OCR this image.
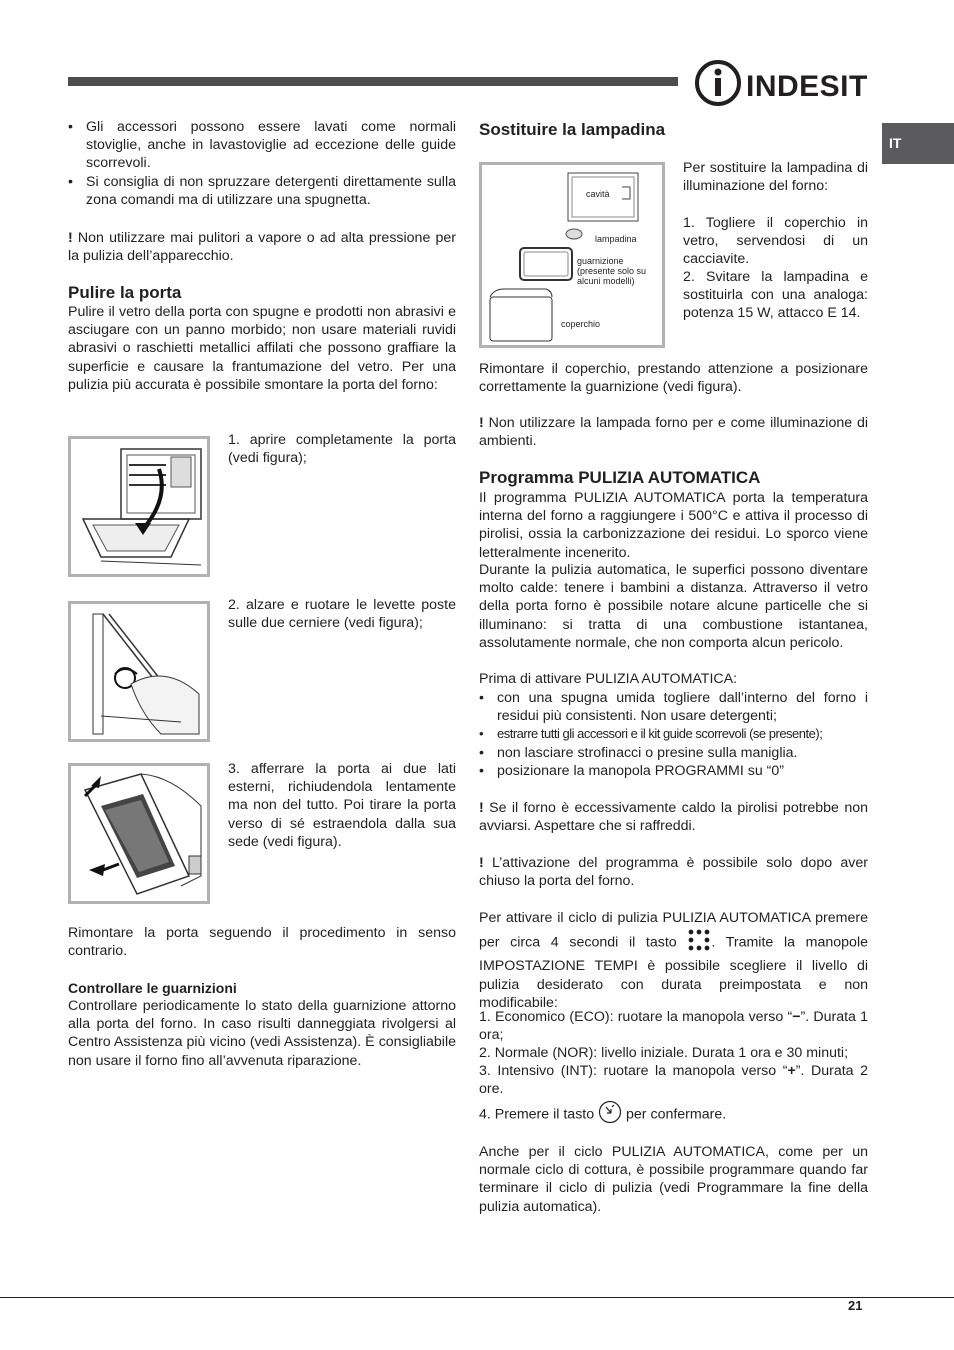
INDESIT
IT
• Gli accessori possono essere lavati come normali stoviglie, anche in lavastoviglie ad eccezione delle guide scorrevoli.
• Si consiglia di non spruzzare detergenti direttamente sulla zona comandi ma di utilizzare una spugnetta.

! Non utilizzare mai pulitori a vapore o ad alta pressione per la pulizia dell’apparecchio.

Pulire la porta

Pulire il vetro della porta con spugne e prodotti non abrasivi e asciugare con un panno morbido; non usare materiali ruvidi abrasivi o raschietti metallici affilati che possono graffiare la superficie e causare la frantumazione del vetro. Per una pulizia più accurata è possibile smontare la porta del forno:

1. aprire completamente la porta (vedi figura);

2. alzare e ruotare le levette poste sulle due cerniere (vedi figura);

3. afferrare la porta ai due lati esterni, richiudendola lentamente ma non del tutto. Poi tirare la porta verso di sé estraendola dalla sua sede (vedi figura).

Rimontare la porta seguendo il procedimento in senso contrario.

Controllare le guarnizioni

Controllare periodicamente lo stato della guarnizione attorno alla porta del forno. In caso risulti danneggiata rivolgersi al Centro Assistenza più vicino (vedi Assistenza). È consigliabile non usare il forno fino all’avvenuta riparazione.

Sostituire la lampadina
cavità
lampadina
guarnizione (presente solo su alcuni modelli)
coperchio

Per sostituire la lampadina di illuminazione del forno:

1. Togliere il coperchio in vetro, servendosi di un cacciavite.

2. Svitare la lampadina e sostituirla con una analoga: potenza 15 W, attacco E 14.

Rimontare il coperchio, prestando attenzione a posizionare correttamente la guarnizione (vedi figura).

! Non utilizzare la lampada forno per e come illuminazione di ambienti.

Programma PULIZIA AUTOMATICA

Il programma PULIZIA AUTOMATICA porta la temperatura interna del forno a raggiungere i 500°C e attiva il processo di pirolisi, ossia la carbonizzazione dei residui. Lo sporco viene letteralmente incenerito.

Durante la pulizia automatica, le superfici possono diventare molto calde: tenere i bambini a distanza. Attraverso il vetro della porta forno è possibile notare alcune particelle che si illuminano: si tratta di una combustione istantanea, assolutamente normale, che non comporta alcun pericolo.

Prima di attivare PULIZIA AUTOMATICA:

• con una spugna umida togliere dall’interno del forno i residui più consistenti. Non usare detergenti;
• estrarre tutti gli accessori e il kit guide scorrevoli (se presente);
• non lasciare strofinacci o presine sulla maniglia.
• posizionare la manopola PROGRAMMI su “0”

! Se il forno è eccessivamente caldo la pirolisi potrebbe non avviarsi. Aspettare che si raffreddi.

! L’attivazione del programma è possibile solo dopo aver chiuso la porta del forno.

Per attivare il ciclo di pulizia PULIZIA AUTOMATICA premere per circa 4 secondi il tasto . Tramite la manopole IMPOSTAZIONE TEMPI è possibile scegliere il livello di pulizia desiderato con durata preimpostata e non modificabile:

1. Economico (ECO): ruotare la manopola verso “−”. Durata 1 ora;

2. Normale (NOR): livello iniziale. Durata 1 ora e 30 minuti;

3. Intensivo (INT): ruotare la manopola verso “+”. Durata 2 ore.

4. Premere il tasto per confermare.

Anche per il ciclo PULIZIA AUTOMATICA, come per un normale ciclo di cottura, è possibile programmare quando far terminare il ciclo di pulizia (vedi Programmare la fine della pulizia automatica).

21
